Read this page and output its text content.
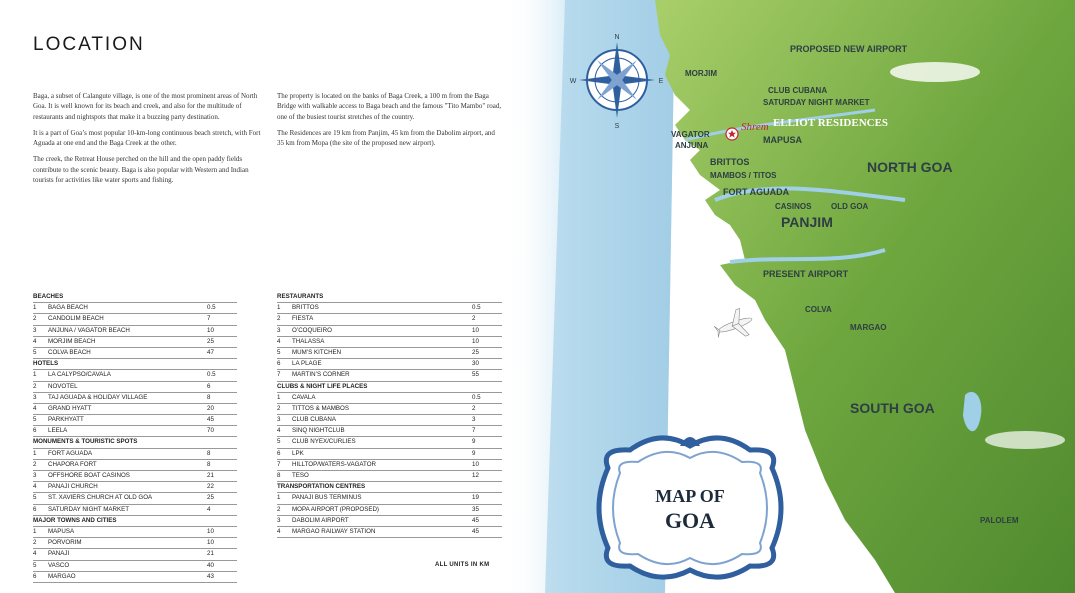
LOCATION

Baga, a subset of Calangute village, is one of the most prominent areas of North Goa. It is well known for its beach and creek, and also for the multitude of restaurants and nightspots that make it a buzzing party destination.

It is a part of Goa’s most popular 10-km-long continuous beach stretch, with Fort Aguada at one end and the Baga Creek at the other.

The creek, the Retreat House perched on the hill and the open paddy fields contribute to the scenic beauty. Baga is also popular with Western and Indian tourists for activities like water sports and fishing.

The property is located on the banks of Baga Creek, a 100 m from the Baga Bridge with walkable access to Baga beach and the famous "Tito Mambo" road, one of the busiest tourist stretches of the country.

The Residences are 19 km from Panjim, 45 km from the Dabolim airport, and 35 km from Mopa (the site of the proposed new airport).

BEACHES
1	BAGA BEACH	0.5
2	CANDOLIM BEACH	7
3	ANJUNA / VAGATOR BEACH	10
4	MORJIM BEACH	25
5	COLVA BEACH	47
HOTELS
1	LA CALYPSO/CAVALA	0.5
2	NOVOTEL	6
3	TAJ AGUADA & HOLIDAY VILLAGE	8
4	GRAND HYATT	20
5	PARKHYATT	45
6	LEELA	70
MONUMENTS & TOURISTIC SPOTS
1	FORT AGUADA	8
2	CHAPORA FORT	8
3	OFFSHORE BOAT CASINOS	21
4	PANAJI CHURCH	22
5	ST. XAVIERS CHURCH AT OLD GOA	25
6	SATURDAY NIGHT MARKET	4
MAJOR TOWNS AND CITIES
1	MAPUSA	10
2	PORVORIM	10
4	PANAJI	21
5	VASCO	40
6	MARGAO	43
RESTAURANTS
1	BRITTOS	0.5
2	FIESTA	2
3	O’COQUEIRO	10
4	THALASSA	10
5	MUM’S KITCHEN	25
6	LA PLAGE	30
7	MARTIN’S CORNER	55
CLUBS & NIGHT LIFE PLACES
1	CAVALA	0.5
2	TITTOS & MAMBOS	2
3	CLUB CUBANA	3
4	SINQ NIGHTCLUB	7
5	CLUB NYEX/CURLIES	9
6	LPK	9
7	HILLTOP/WATERS-VAGATOR	10
8	TESO	12
TRANSPORTATION CENTRES
1	PANAJI BUS TERMINUS	19
2	MOPA AIRPORT (PROPOSED)	35
3	DABOLIM AIRPORT	45
4	MARGAO RAILWAY STATION	45
ALL UNITS IN KM
N
S
E
W
PROPOSED NEW AIRPORT
MORJIM
CLUB CUBANA
SATURDAY NIGHT MARKET
VAGATOR
ANJUNA
Shrem ELLIOT RESIDENCES
MAPUSA
BRITTOS
MAMBOS / TITOS
NORTH GOA
FORT AGUADA
CASINOS OLD GOA
PANJIM
PRESENT AIRPORT
COLVA
MARGAO
SOUTH GOA
PALOLEM
MAP OF
GOA
